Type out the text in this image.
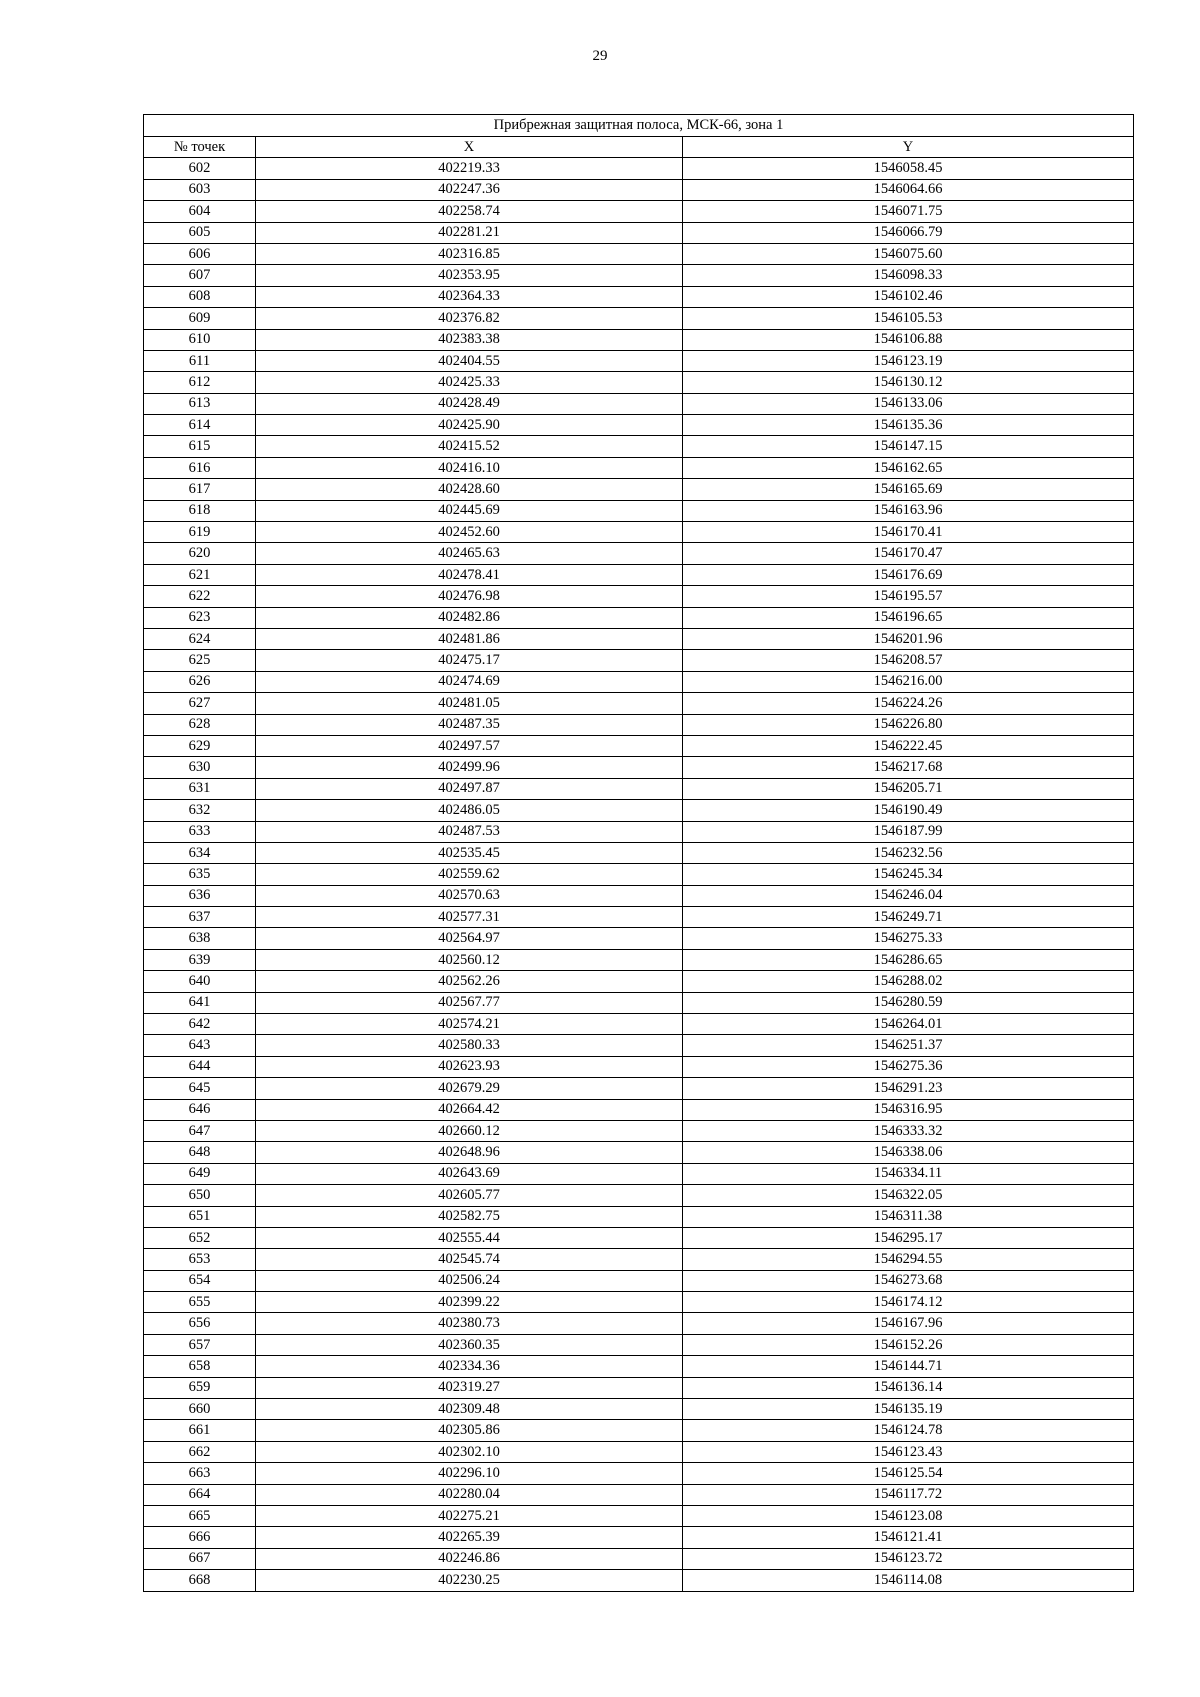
29
Прибрежная защитная полоса, МСК-66, зона 1		
№ точек	X	Y
602	402219.33	1546058.45
603	402247.36	1546064.66
604	402258.74	1546071.75
605	402281.21	1546066.79
606	402316.85	1546075.60
607	402353.95	1546098.33
608	402364.33	1546102.46
609	402376.82	1546105.53
610	402383.38	1546106.88
611	402404.55	1546123.19
612	402425.33	1546130.12
613	402428.49	1546133.06
614	402425.90	1546135.36
615	402415.52	1546147.15
616	402416.10	1546162.65
617	402428.60	1546165.69
618	402445.69	1546163.96
619	402452.60	1546170.41
620	402465.63	1546170.47
621	402478.41	1546176.69
622	402476.98	1546195.57
623	402482.86	1546196.65
624	402481.86	1546201.96
625	402475.17	1546208.57
626	402474.69	1546216.00
627	402481.05	1546224.26
628	402487.35	1546226.80
629	402497.57	1546222.45
630	402499.96	1546217.68
631	402497.87	1546205.71
632	402486.05	1546190.49
633	402487.53	1546187.99
634	402535.45	1546232.56
635	402559.62	1546245.34
636	402570.63	1546246.04
637	402577.31	1546249.71
638	402564.97	1546275.33
639	402560.12	1546286.65
640	402562.26	1546288.02
641	402567.77	1546280.59
642	402574.21	1546264.01
643	402580.33	1546251.37
644	402623.93	1546275.36
645	402679.29	1546291.23
646	402664.42	1546316.95
647	402660.12	1546333.32
648	402648.96	1546338.06
649	402643.69	1546334.11
650	402605.77	1546322.05
651	402582.75	1546311.38
652	402555.44	1546295.17
653	402545.74	1546294.55
654	402506.24	1546273.68
655	402399.22	1546174.12
656	402380.73	1546167.96
657	402360.35	1546152.26
658	402334.36	1546144.71
659	402319.27	1546136.14
660	402309.48	1546135.19
661	402305.86	1546124.78
662	402302.10	1546123.43
663	402296.10	1546125.54
664	402280.04	1546117.72
665	402275.21	1546123.08
666	402265.39	1546121.41
667	402246.86	1546123.72
668	402230.25	1546114.08
